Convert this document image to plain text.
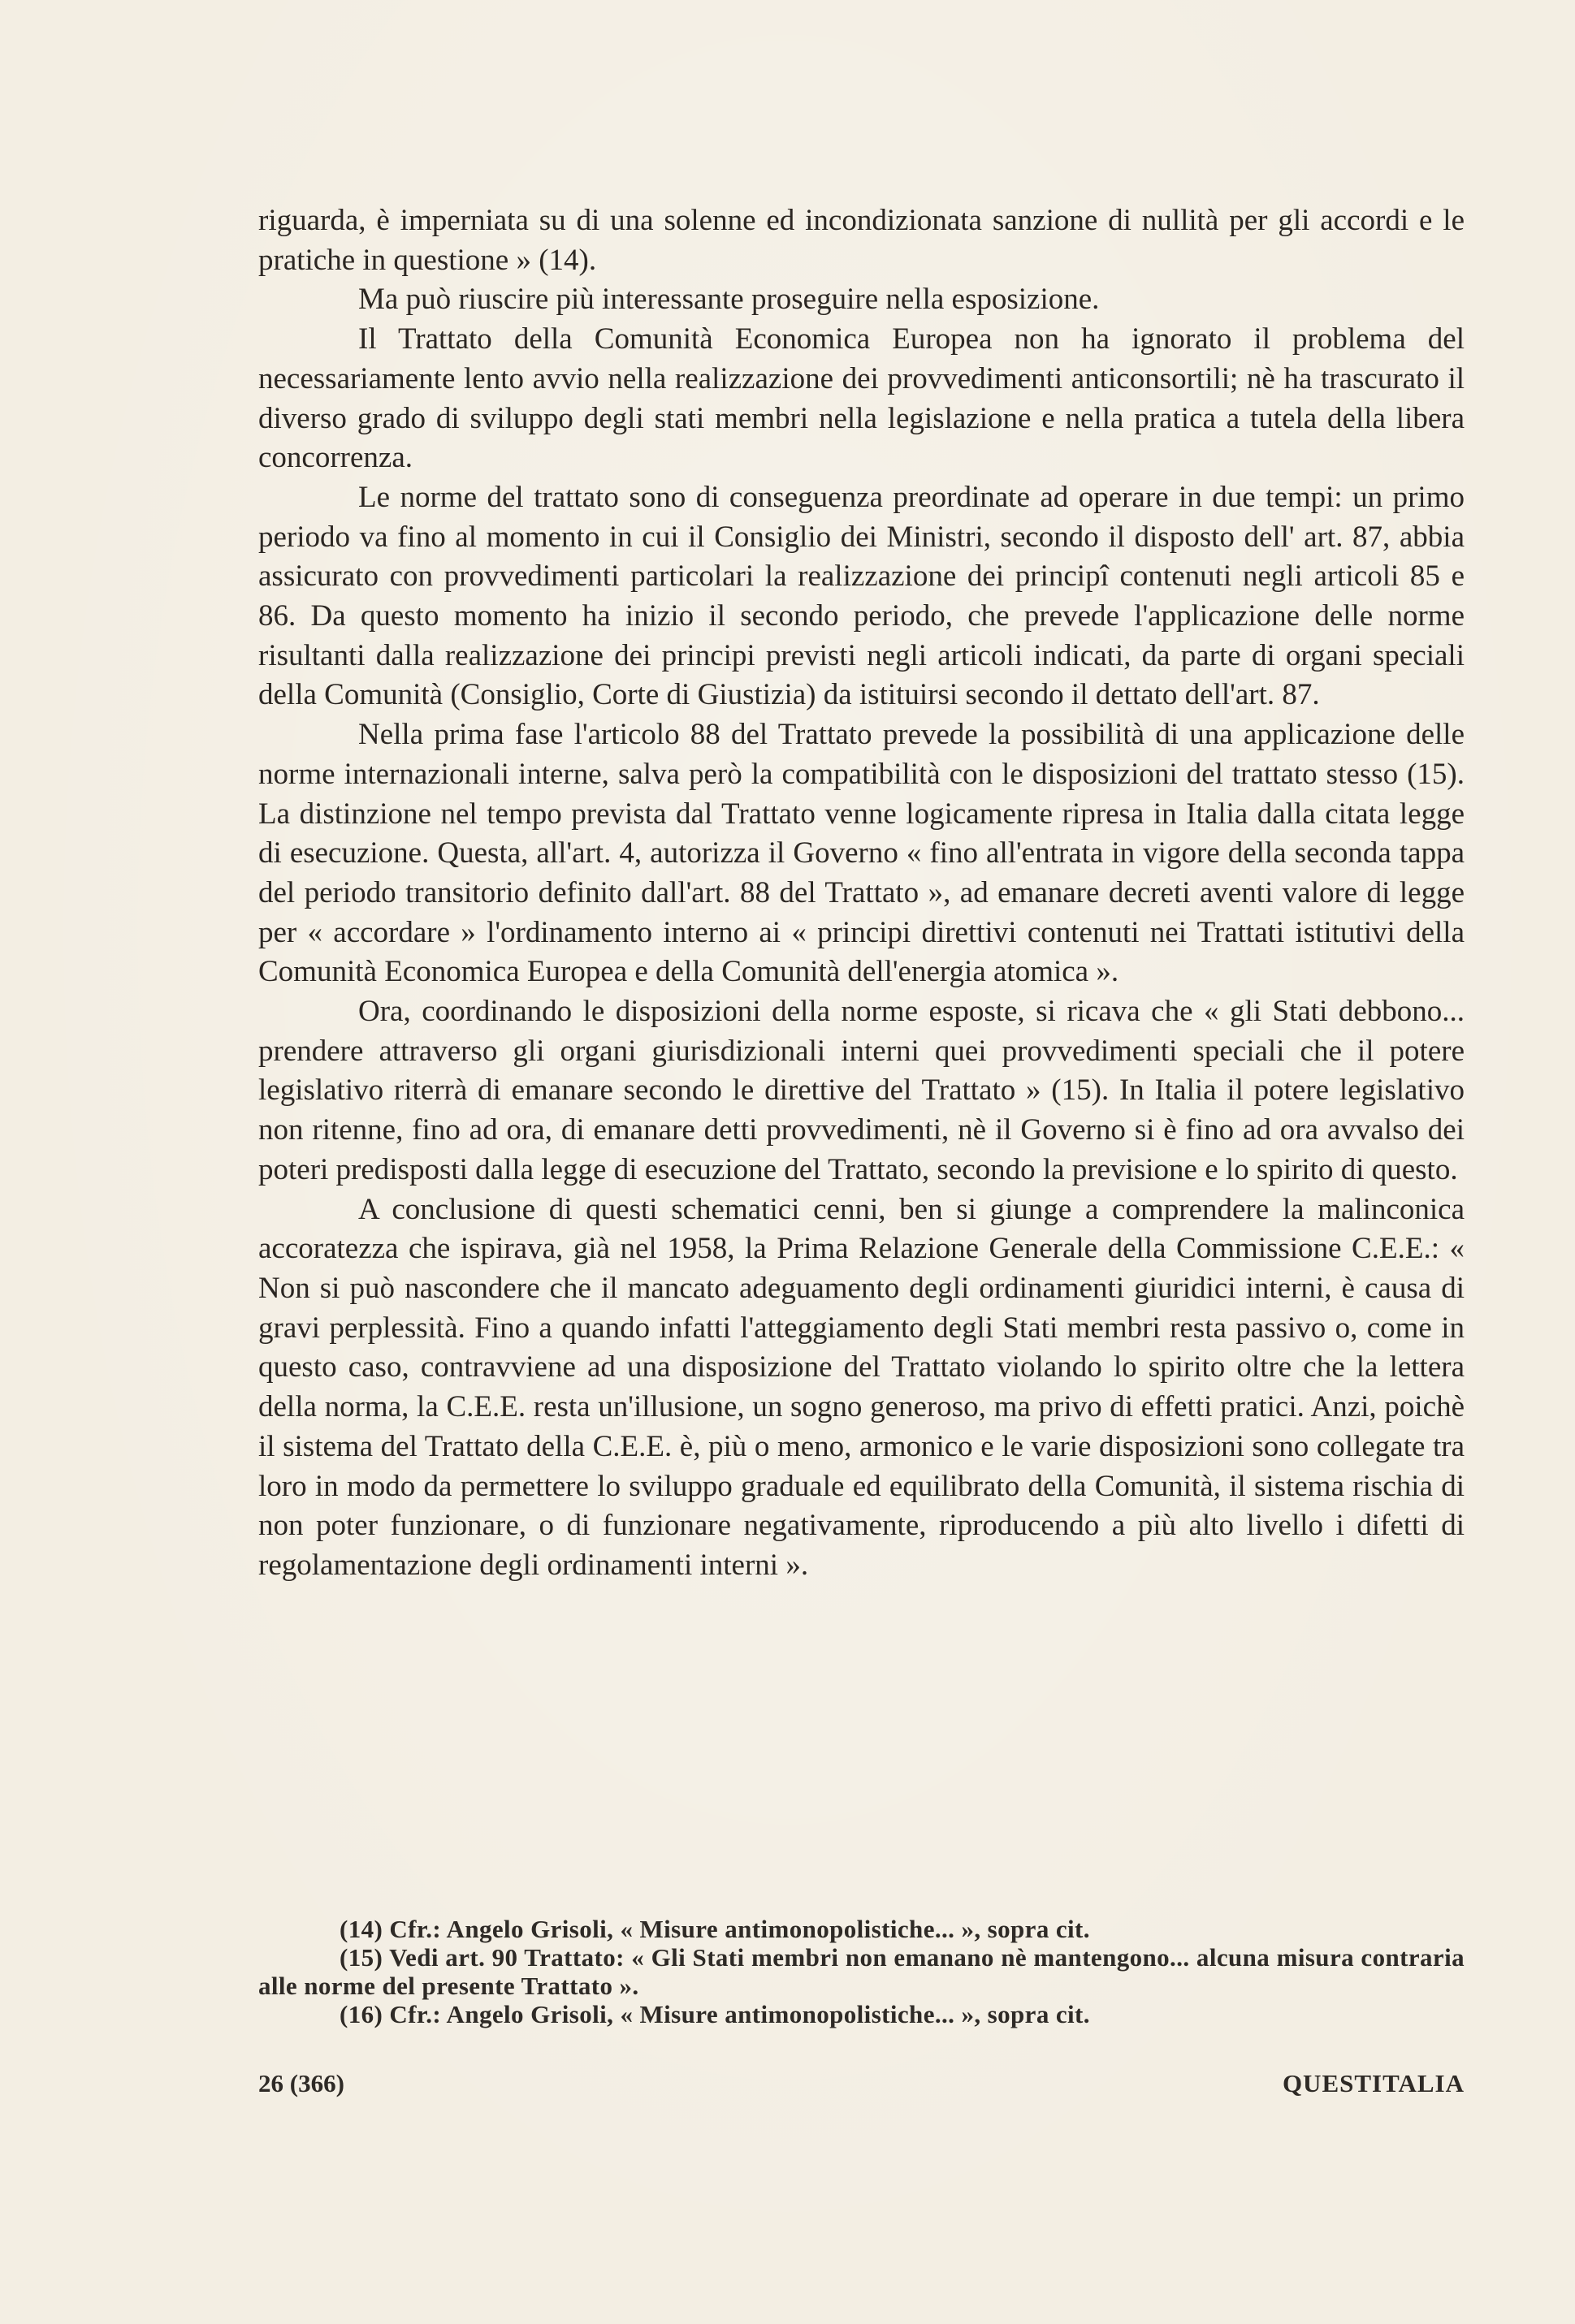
riguarda, è imperniata su di una solenne ed incondizionata sanzione di nullità per gli accordi e le pratiche in questione » (14).

Ma può riuscire più interessante proseguire nella esposizione.

Il Trattato della Comunità Economica Europea non ha ignorato il problema del necessariamente lento avvio nella realizzazione dei provvedimenti anticonsortili; nè ha trascurato il diverso grado di sviluppo degli stati membri nella legislazione e nella pratica a tutela della libera concorrenza.

Le norme del trattato sono di conseguenza preordinate ad operare in due tempi: un primo periodo va fino al momento in cui il Consiglio dei Ministri, secondo il disposto dell' art. 87, abbia assicurato con provvedimenti particolari la realizzazione dei principî contenuti negli articoli 85 e 86. Da questo momento ha inizio il secondo periodo, che prevede l'applicazione delle norme risultanti dalla realizzazione dei principi previsti negli articoli indicati, da parte di organi speciali della Comunità (Consiglio, Corte di Giustizia) da istituirsi secondo il dettato dell'art. 87.

Nella prima fase l'articolo 88 del Trattato prevede la possibilità di una applicazione delle norme internazionali interne, salva però la compatibilità con le disposizioni del trattato stesso (15). La distinzione nel tempo prevista dal Trattato venne logicamente ripresa in Italia dalla citata legge di esecuzione. Questa, all'art. 4, autorizza il Governo « fino all'entrata in vigore della seconda tappa del periodo transitorio definito dall'art. 88 del Trattato », ad emanare decreti aventi valore di legge per « accordare » l'ordinamento interno ai « principi direttivi contenuti nei Trattati istitutivi della Comunità Economica Europea e della Comunità dell'energia atomica ».

Ora, coordinando le disposizioni della norme esposte, si ricava che « gli Stati debbono... prendere attraverso gli organi giurisdizionali interni quei provvedimenti speciali che il potere legislativo riterrà di emanare secondo le direttive del Trattato » (15). In Italia il potere legislativo non ritenne, fino ad ora, di emanare detti provvedimenti, nè il Governo si è fino ad ora avvalso dei poteri predisposti dalla legge di esecuzione del Trattato, secondo la previsione e lo spirito di questo.

A conclusione di questi schematici cenni, ben si giunge a comprendere la malinconica accoratezza che ispirava, già nel 1958, la Prima Relazione Generale della Commissione C.E.E.: « Non si può nascondere che il mancato adeguamento degli ordinamenti giuridici interni, è causa di gravi perplessità. Fino a quando infatti l'atteggiamento degli Stati membri resta passivo o, come in questo caso, contravviene ad una disposizione del Trattato violando lo spirito oltre che la lettera della norma, la C.E.E. resta un'illusione, un sogno generoso, ma privo di effetti pratici. Anzi, poichè il sistema del Trattato della C.E.E. è, più o meno, armonico e le varie disposizioni sono collegate tra loro in modo da permettere lo sviluppo graduale ed equilibrato della Comunità, il sistema rischia di non poter funzionare, o di funzionare negativamente, riproducendo a più alto livello i difetti di regolamentazione degli ordinamenti interni ».

(14) Cfr.: Angelo Grisoli, « Misure antimonopolistiche... », sopra cit.

(15) Vedi art. 90 Trattato: « Gli Stati membri non emanano nè mantengono... alcuna misura contraria alle norme del presente Trattato ».

(16) Cfr.: Angelo Grisoli, « Misure antimonopolistiche... », sopra cit.

26 (366)	QUESTITALIA
